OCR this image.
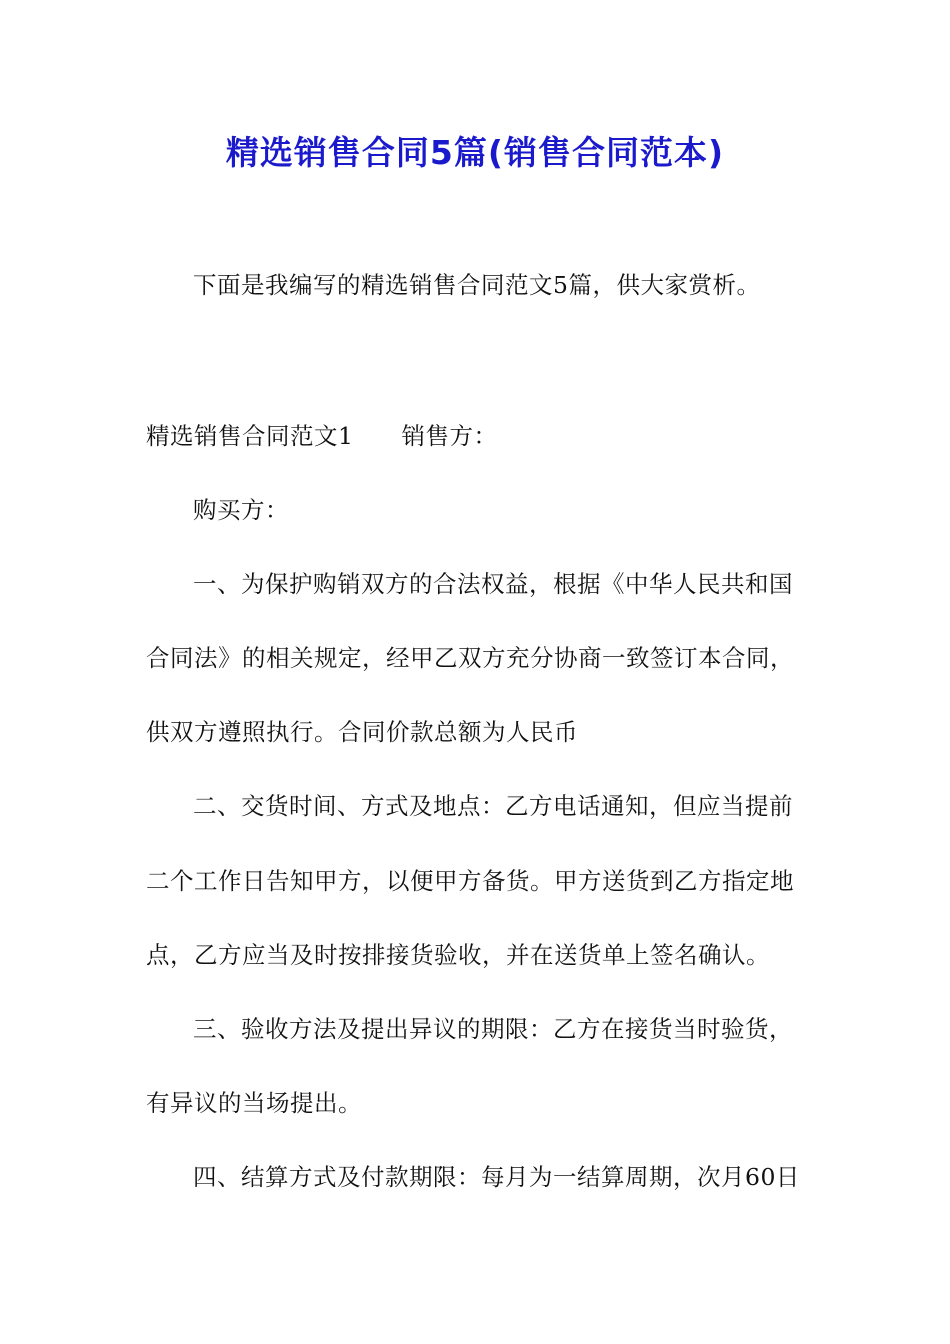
精选销售合同5篇(销售合同范本)
下面是我编写的精选销售合同范文5篇，供大家赏析。
精选销售合同范文1 销售方：
购买方：
一、为保护购销双方的合法权益，根据《中华人民共和国
合同法》的相关规定，经甲乙双方充分协商一致签订本合同，
供双方遵照执行。合同价款总额为人民币
二、交货时间、方式及地点：乙方电话通知，但应当提前
二个工作日告知甲方，以便甲方备货。甲方送货到乙方指定地
点，乙方应当及时按排接货验收，并在送货单上签名确认。
三、验收方法及提出异议的期限：乙方在接货当时验货，
有异议的当场提出。
四、结算方式及付款期限：每月为一结算周期，次月60日
